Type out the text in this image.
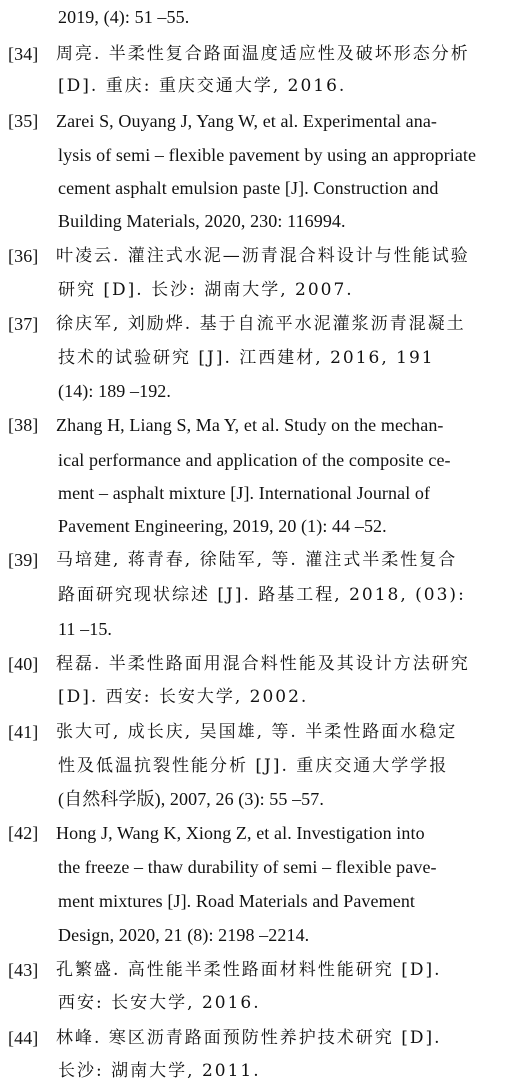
2019, (4): 51 –55.
[34] 周亮. 半柔性复合路面温度适应性及破坏形态分析
[D]. 重庆: 重庆交通大学, 2016.
[35] Zarei S, Ouyang J, Yang W, et al. Experimental ana-
lysis of semi – flexible pavement by using an appropriate
cement asphalt emulsion paste [J]. Construction and
Building Materials, 2020, 230: 116994.
[36] 叶凌云. 灌注式水泥—沥青混合料设计与性能试验
研究 [D]. 长沙: 湖南大学, 2007.
[37] 徐庆军, 刘励烨. 基于自流平水泥灌浆沥青混凝土
技术的试验研究 [J]. 江西建材, 2016, 191
(14): 189 –192.
[38] Zhang H, Liang S, Ma Y, et al. Study on the mechan-
ical performance and application of the composite ce-
ment – asphalt mixture [J]. International Journal of
Pavement Engineering, 2019, 20 (1): 44 –52.
[39] 马培建, 蒋青春, 徐陆军, 等. 灌注式半柔性复合
路面研究现状综述 [J]. 路基工程, 2018, (03):
11 –15.
[40] 程磊. 半柔性路面用混合料性能及其设计方法研究
[D]. 西安: 长安大学, 2002.
[41] 张大可, 成长庆, 吴国雄, 等. 半柔性路面水稳定
性及低温抗裂性能分析 [J]. 重庆交通大学学报
(自然科学版), 2007, 26 (3): 55 –57.
[42] Hong J, Wang K, Xiong Z, et al. Investigation into
the freeze – thaw durability of semi – flexible pave-
ment mixtures [J]. Road Materials and Pavement
Design, 2020, 21 (8): 2198 –2214.
[43] 孔繁盛. 高性能半柔性路面材料性能研究 [D].
西安: 长安大学, 2016.
[44] 林峰. 寒区沥青路面预防性养护技术研究 [D].
长沙: 湖南大学, 2011.
